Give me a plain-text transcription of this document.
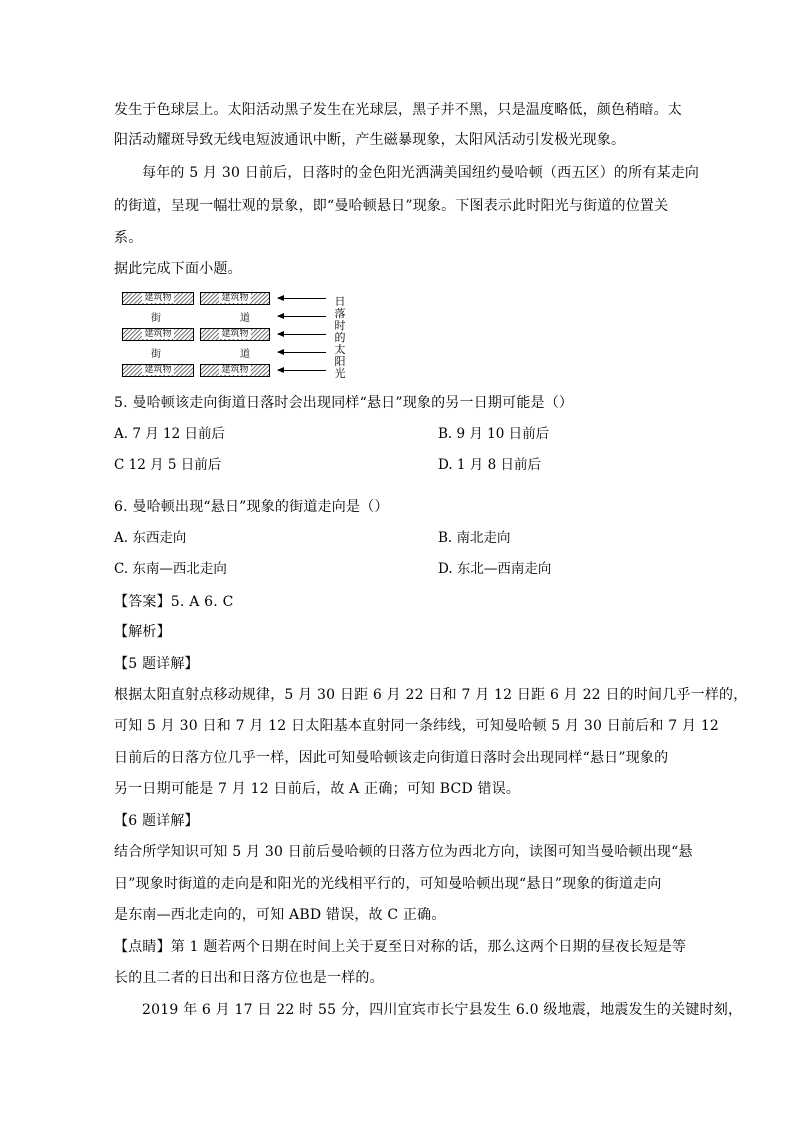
发生于色球层上。太阳活动黑子发生在光球层，黑子并不黑，只是温度略低，颜色稍暗。太
阳活动耀斑导致无线电短波通讯中断，产生磁暴现象，太阳风活动引发极光现象。
每年的 5 月 30 日前后，日落时的金色阳光洒满美国纽约曼哈顿（西五区）的所有某走向
的街道，呈现一幅壮观的景象，即“曼哈顿悬日”现象。下图表示此时阳光与街道的位置关
系。
据此完成下面小题。
建筑物	建筑物
街	道
建筑物	建筑物
街	道
建筑物	建筑物
日落时的太阳光
5. 曼哈顿该走向街道日落时会出现同样“悬日”现象的另一日期可能是（）
A. 7 月 12 日前后	B. 9 月 10 日前后
C 12 月 5 日前后	D. 1 月 8 日前后
6. 曼哈顿出现“悬日”现象的街道走向是（）
A. 东西走向	B. 南北走向
C. 东南—西北走向	D. 东北—西南走向
【答案】5. A 6. C
【解析】
【5 题详解】
根据太阳直射点移动规律，5 月 30 日距 6 月 22 日和 7 月 12 日距 6 月 22 日的时间几乎一样的，
可知 5 月 30 日和 7 月 12 日太阳基本直射同一条纬线，可知曼哈顿 5 月 30 日前后和 7 月 12
日前后的日落方位几乎一样，因此可知曼哈顿该走向街道日落时会出现同样“悬日”现象的
另一日期可能是 7 月 12 日前后，故 A 正确；可知 BCD 错误。
【6 题详解】
结合所学知识可知 5 月 30 日前后曼哈顿的日落方位为西北方向，读图可知当曼哈顿出现“悬
日”现象时街道的走向是和阳光的光线相平行的，可知曼哈顿出现“悬日”现象的街道走向
是东南—西北走向的，可知 ABD 错误，故 C 正确。
【点睛】第 1 题若两个日期在时间上关于夏至日对称的话，那么这两个日期的昼夜长短是等
长的且二者的日出和日落方位也是一样的。
2019 年 6 月 17 日 22 时 55 分，四川宜宾市长宁县发生 6.0 级地震，地震发生的关键时刻，
